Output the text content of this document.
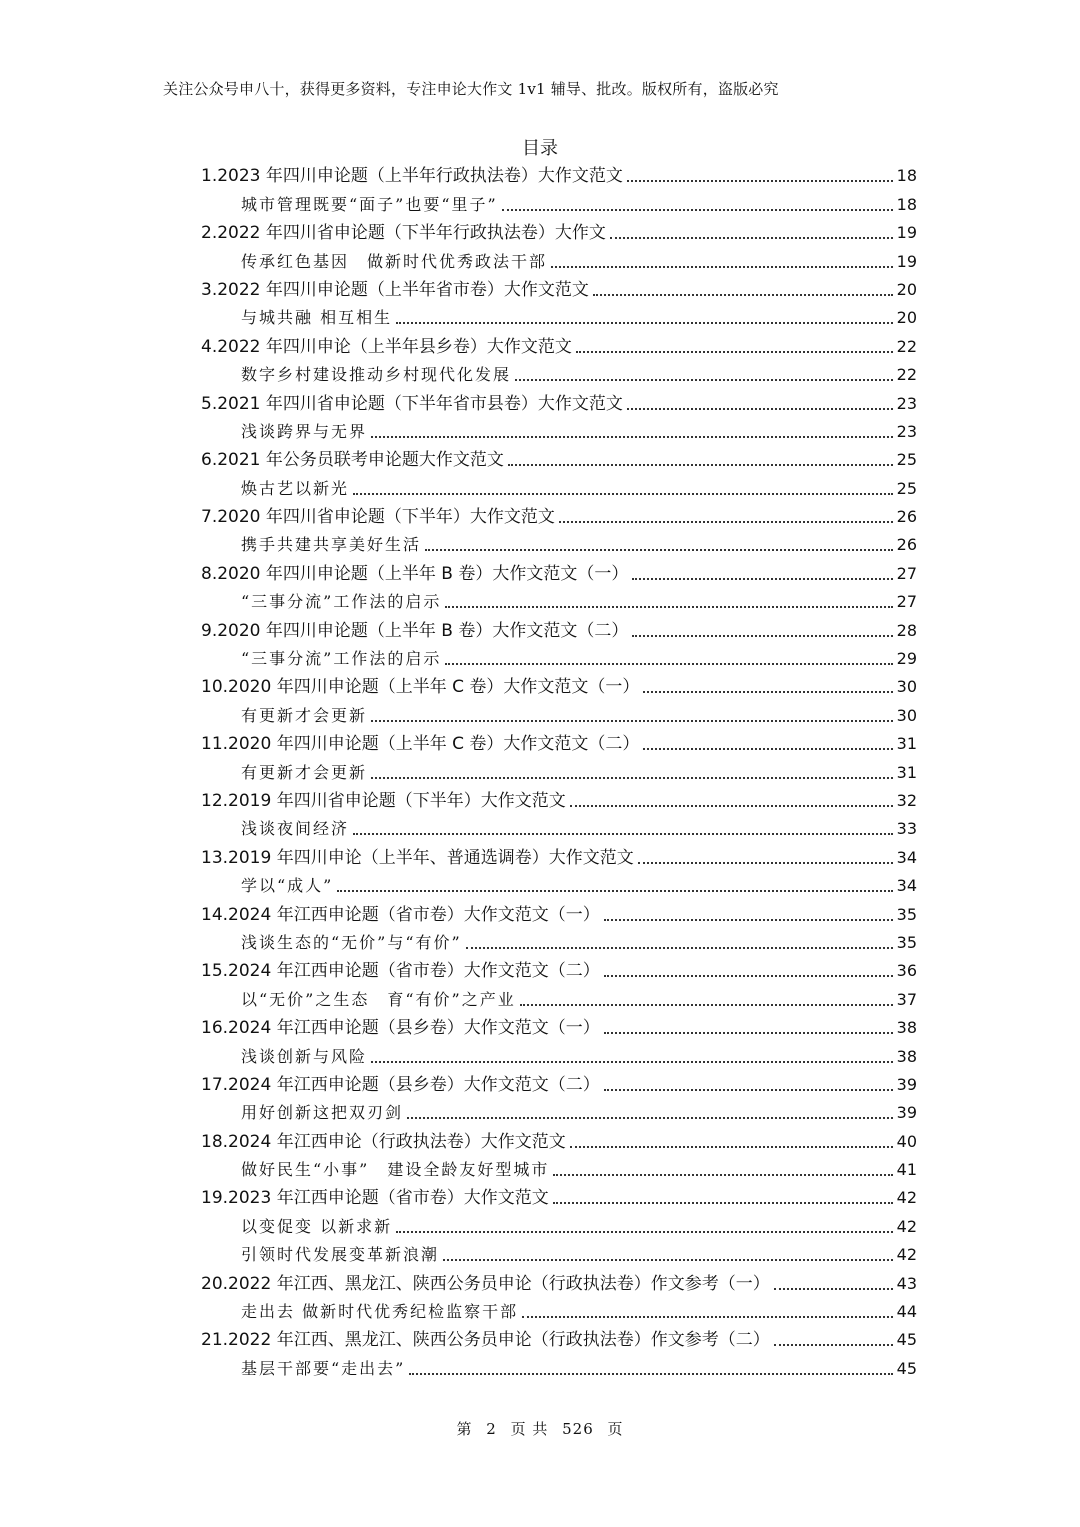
关注公众号申八十，获得更多资料，专注申论大作文 1v1 辅导、批改。版权所有，盗版必究
目录
1.2023 年四川申论题（上半年行政执法卷）大作文范文	18
城市管理既要“面子”也要“里子”	18
2.2022 年四川省申论题（下半年行政执法卷）大作文	19
传承红色基因　做新时代优秀政法干部	19
3.2022 年四川申论题（上半年省市卷）大作文范文	20
与城共融 相互相生	20
4.2022 年四川申论（上半年县乡卷）大作文范文	22
数字乡村建设推动乡村现代化发展	22
5.2021 年四川省申论题（下半年省市县卷）大作文范文	23
浅谈跨界与无界	23
6.2021 年公务员联考申论题大作文范文	25
焕古艺以新光	25
7.2020 年四川省申论题（下半年）大作文范文	26
携手共建共享美好生活	26
8.2020 年四川申论题（上半年 B 卷）大作文范文（一）	27
“三事分流”工作法的启示	27
9.2020 年四川申论题（上半年 B 卷）大作文范文（二）	28
“三事分流”工作法的启示	29
10.2020 年四川申论题（上半年 C 卷）大作文范文（一）	30
有更新才会更新	30
11.2020 年四川申论题（上半年 C 卷）大作文范文（二）	31
有更新才会更新	31
12.2019 年四川省申论题（下半年）大作文范文	32
浅谈夜间经济	33
13.2019 年四川申论（上半年、普通选调卷）大作文范文	34
学以“成人”	34
14.2024 年江西申论题（省市卷）大作文范文（一）	35
浅谈生态的“无价”与“有价”	35
15.2024 年江西申论题（省市卷）大作文范文（二）	36
以“无价”之生态　育“有价”之产业	37
16.2024 年江西申论题（县乡卷）大作文范文（一）	38
浅谈创新与风险	38
17.2024 年江西申论题（县乡卷）大作文范文（二）	39
用好创新这把双刃剑	39
18.2024 年江西申论（行政执法卷）大作文范文	40
做好民生“小事”　建设全龄友好型城市	41
19.2023 年江西申论题（省市卷）大作文范文	42
以变促变 以新求新	42
引领时代发展变革新浪潮	42
20.2022 年江西、黑龙江、陕西公务员申论（行政执法卷）作文参考（一）	43
走出去 做新时代优秀纪检监察干部	44
21.2022 年江西、黑龙江、陕西公务员申论（行政执法卷）作文参考（二）	45
基层干部要“走出去”	45
第 2 页 共 526 页
